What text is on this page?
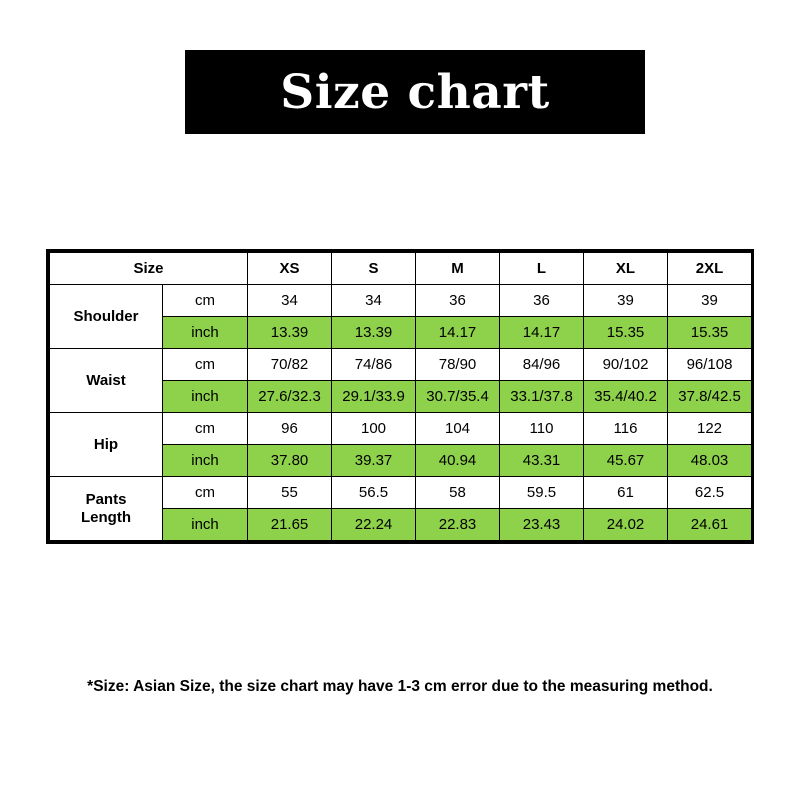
Size chart
Size		XS	S	M	L	XL	2XL
Shoulder	cm	34	34	36	36	39	39
	inch	13.39	13.39	14.17	14.17	15.35	15.35
Waist	cm	70/82	74/86	78/90	84/96	90/102	96/108
	inch	27.6/32.3	29.1/33.9	30.7/35.4	33.1/37.8	35.4/40.2	37.8/42.5
Hip	cm	96	100	104	110	116	122
	inch	37.80	39.37	40.94	43.31	45.67	48.03
Pants
Length	cm	55	56.5	58	59.5	61	62.5
	inch	21.65	22.24	22.83	23.43	24.02	24.61
*Size: Asian Size, the size chart may have 1-3 cm error due to the measuring method.
